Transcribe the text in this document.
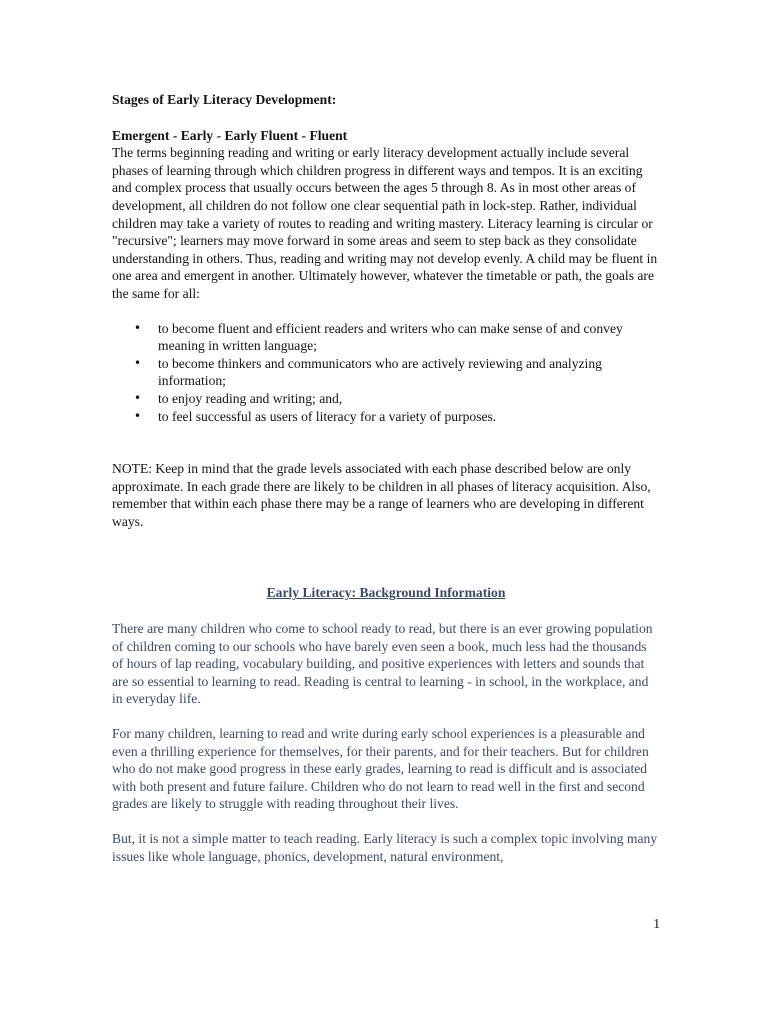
Stages of Early Literacy Development:

Emergent - Early - Early Fluent - Fluent

The terms beginning reading and writing or early literacy development actually include several phases of learning through which children progress in different ways and tempos. It is an exciting and complex process that usually occurs between the ages 5 through 8. As in most other areas of development, all children do not follow one clear sequential path in lock-step. Rather, individual children may take a variety of routes to reading and writing mastery. Literacy learning is circular or "recursive"; learners may move forward in some areas and seem to step back as they consolidate understanding in others. Thus, reading and writing may not develop evenly. A child may be fluent in one area and emergent in another. Ultimately however, whatever the timetable or path, the goals are the same for all:

• to become fluent and efficient readers and writers who can make sense of and convey meaning in written language;
• to become thinkers and communicators who are actively reviewing and analyzing information;
• to enjoy reading and writing; and,
• to feel successful as users of literacy for a variety of purposes.

NOTE: Keep in mind that the grade levels associated with each phase described below are only approximate. In each grade there are likely to be children in all phases of literacy acquisition. Also, remember that within each phase there may be a range of learners who are developing in different ways.

Early Literacy: Background Information

There are many children who come to school ready to read, but there is an ever growing population of children coming to our schools who have barely even seen a book, much less had the thousands of hours of lap reading, vocabulary building, and positive experiences with letters and sounds that are so essential to learning to read. Reading is central to learning - in school, in the workplace, and in everyday life.

For many children, learning to read and write during early school experiences is a pleasurable and even a thrilling experience for themselves, for their parents, and for their teachers. But for children who do not make good progress in these early grades, learning to read is difficult and is associated with both present and future failure. Children who do not learn to read well in the first and second grades are likely to struggle with reading throughout their lives.

But, it is not a simple matter to teach reading. Early literacy is such a complex topic involving many issues like whole language, phonics, development, natural environment,

1
